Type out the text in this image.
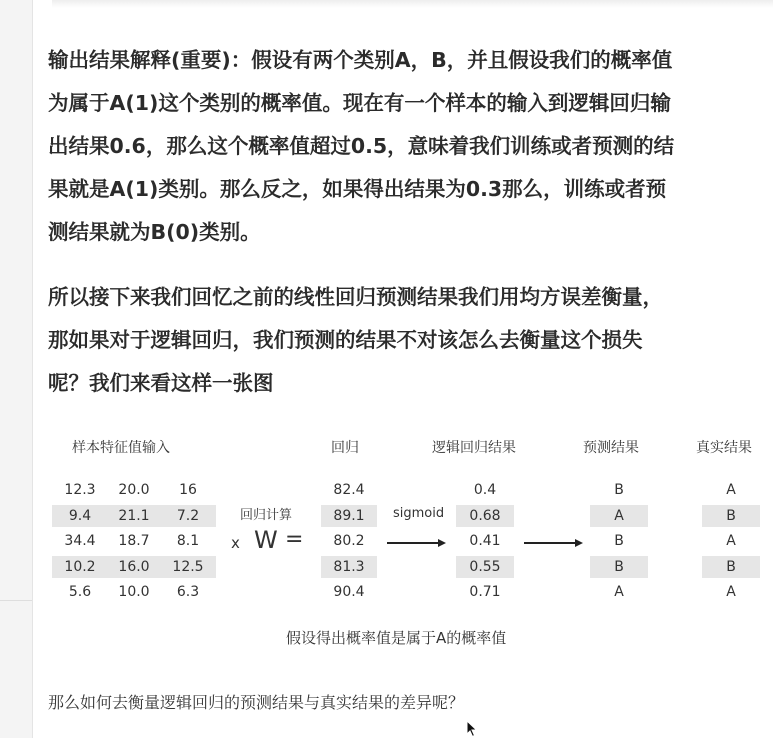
输出结果解释(重要)：假设有两个类别A，B，并且假设我们的概率值
为属于A(1)这个类别的概率值。现在有一个样本的输入到逻辑回归输
出结果0.6，那么这个概率值超过0.5，意味着我们训练或者预测的结
果就是A(1)类别。那么反之，如果得出结果为0.3那么，训练或者预
测结果就为B(0)类别。
所以接下来我们回忆之前的线性回归预测结果我们用均方误差衡量，
那如果对于逻辑回归，我们预测的结果不对该怎么去衡量这个损失
呢？我们来看这样一张图
样本特征值输入	回归	逻辑回归结果	预测结果	真实结果
12.3	20.0	16	82.4	0.4	B	A
9.4	21.1	7.2	89.1	0.68	A	B
34.4	18.7	8.1	80.2	0.41	B	A
10.2	16.0	12.5	81.3	0.55	B	B
5.6	10.0	6.3	90.4	0.71	A	A
回归计算
x W =
sigmoid
假设得出概率值是属于A的概率值
那么如何去衡量逻辑回归的预测结果与真实结果的差异呢？
